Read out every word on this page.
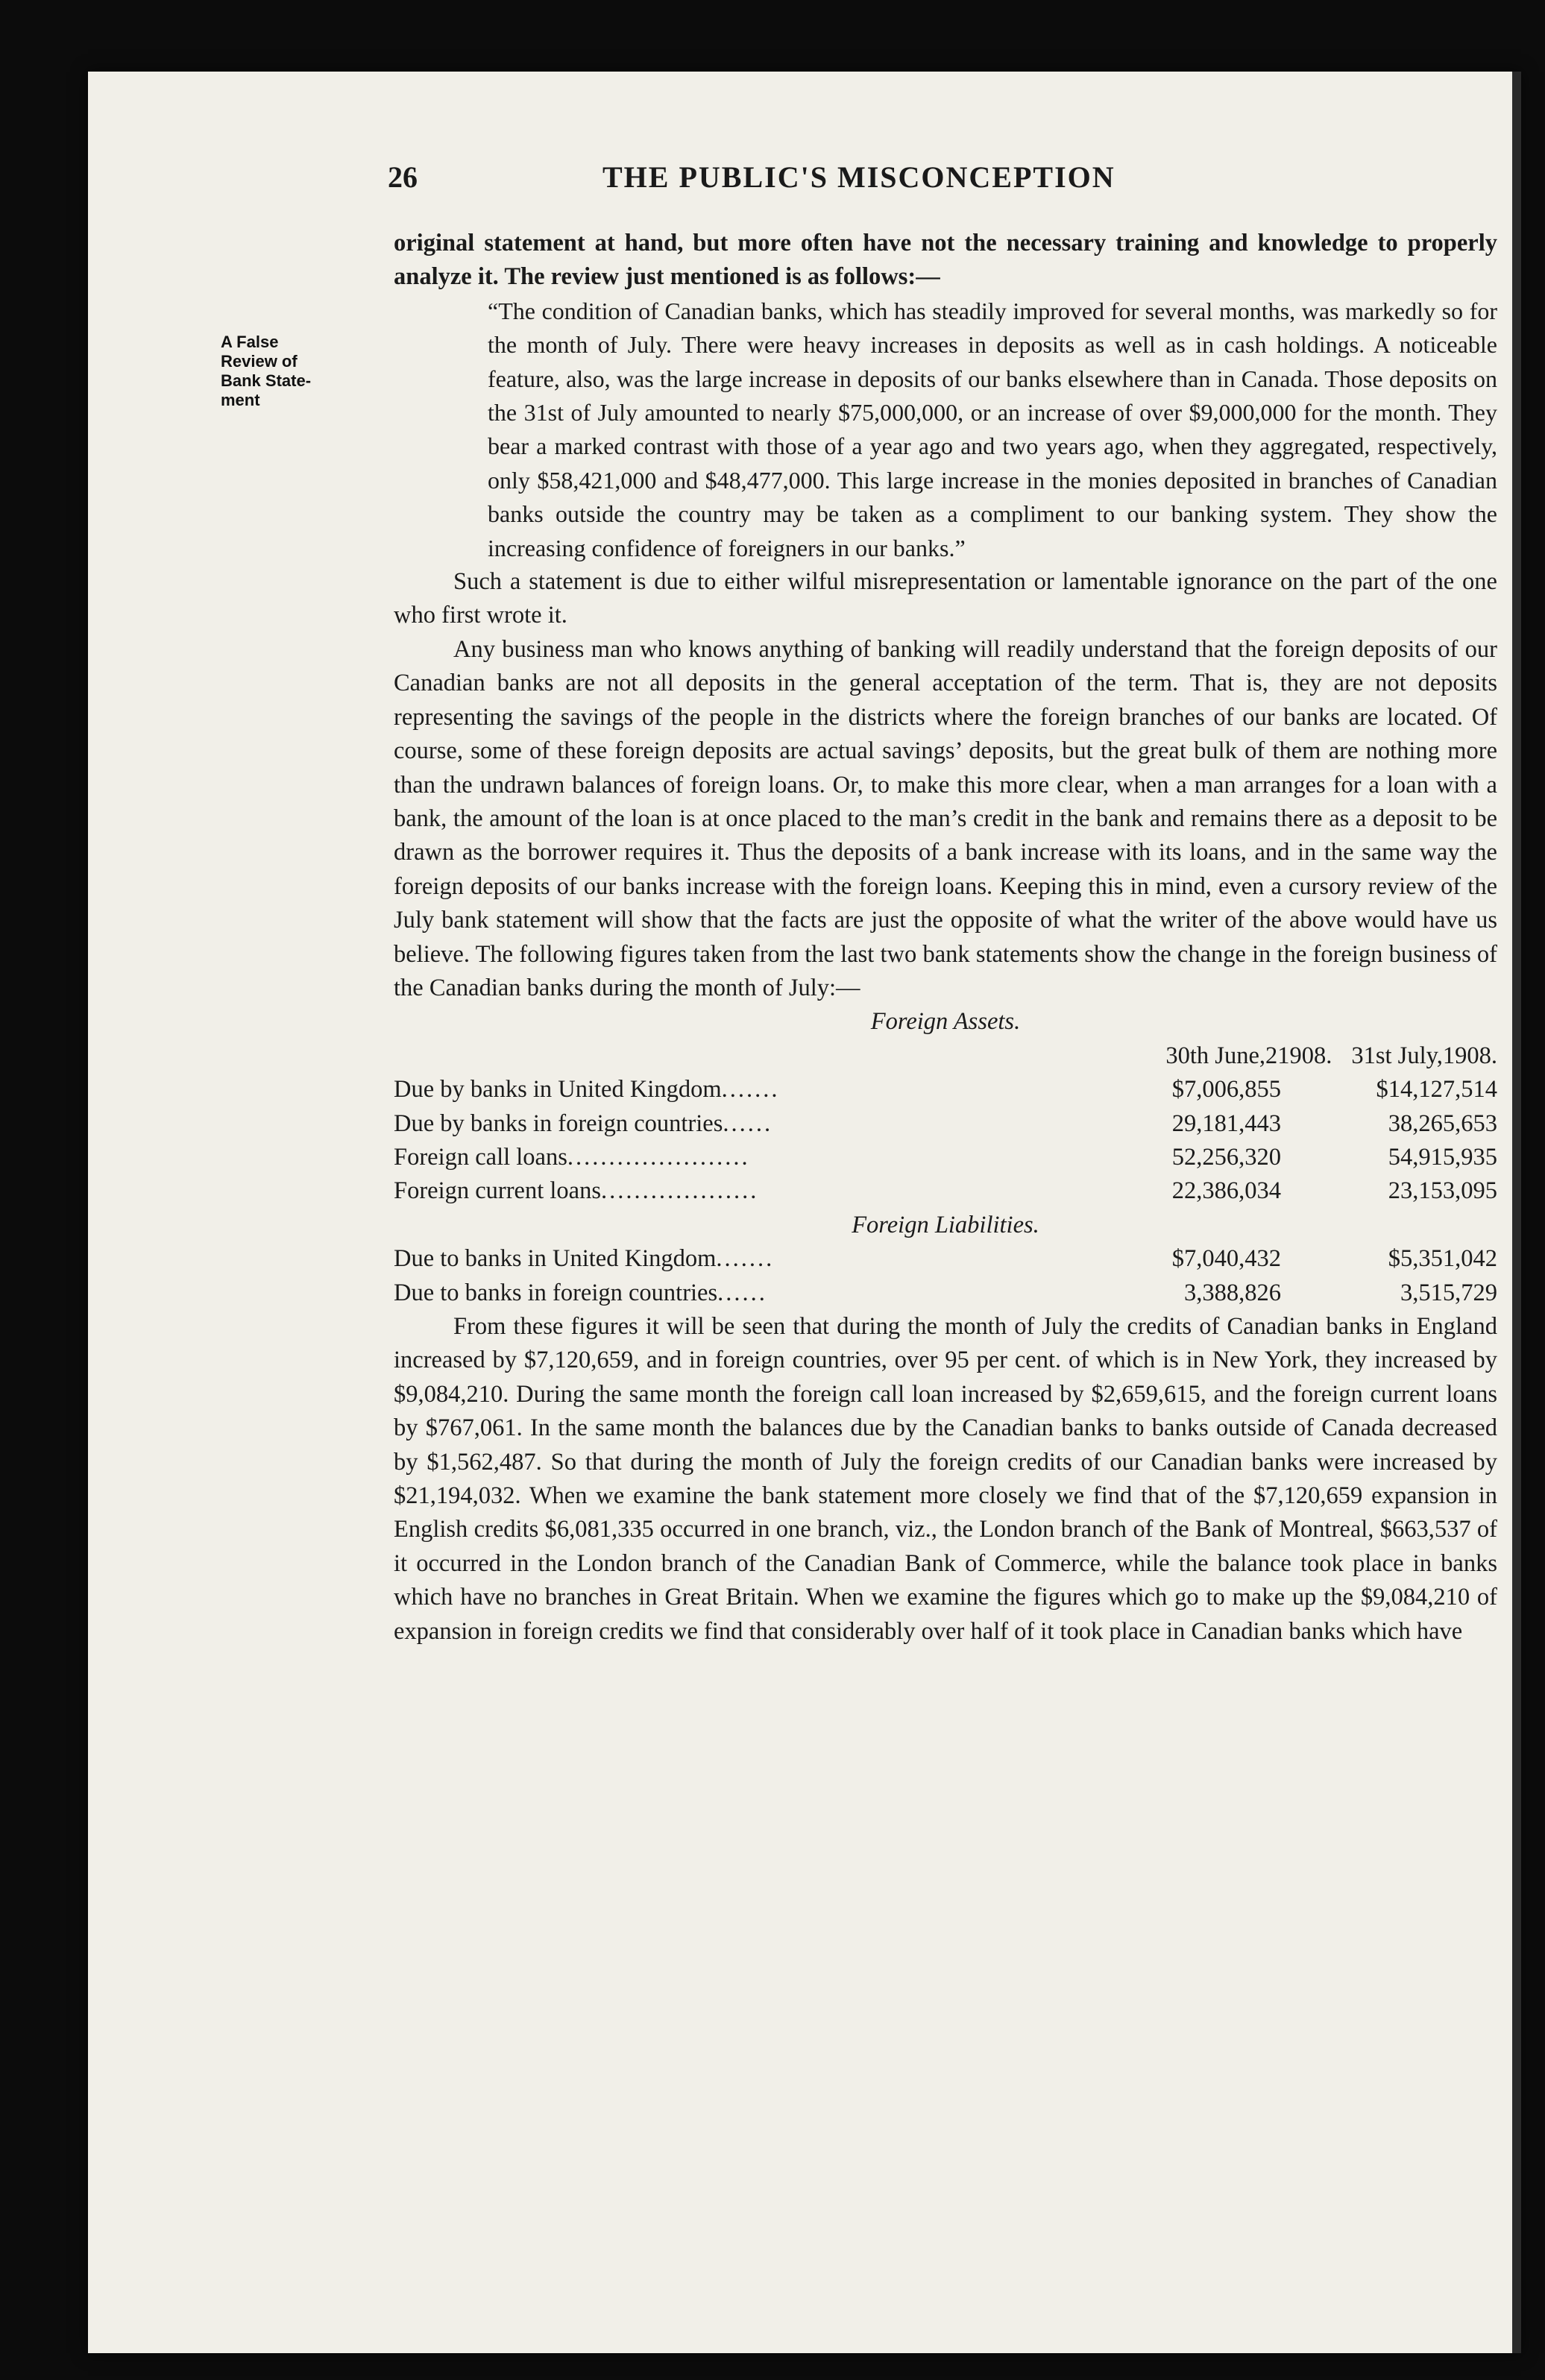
26	THE PUBLIC'S MISCONCEPTION
A False
Review of
Bank State-
ment

original statement at hand, but more often have not the necessary training and knowledge to properly analyze it. The review just mentioned is as follows:—

“The condition of Canadian banks, which has steadily improved for several months, was markedly so for the month of July. There were heavy increases in deposits as well as in cash holdings. A noticeable feature, also, was the large increase in deposits of our banks elsewhere than in Canada. Those deposits on the 31st of July amounted to nearly $75,000,000, or an increase of over $9,000,000 for the month. They bear a marked contrast with those of a year ago and two years ago, when they aggregated, respectively, only $58,421,000 and $48,477,000. This large increase in the monies deposited in branches of Canadian banks outside the country may be taken as a compliment to our banking system. They show the increasing confidence of foreigners in our banks.”

Such a statement is due to either wilful misrepresentation or lamentable ignorance on the part of the one who first wrote it.

Any business man who knows anything of banking will readily understand that the foreign deposits of our Canadian banks are not all deposits in the general acceptation of the term. That is, they are not deposits representing the savings of the people in the districts where the foreign branches of our banks are located. Of course, some of these foreign deposits are actual savings’ deposits, but the great bulk of them are nothing more than the undrawn balances of foreign loans. Or, to make this more clear, when a man arranges for a loan with a bank, the amount of the loan is at once placed to the man’s credit in the bank and remains there as a deposit to be drawn as the borrower requires it. Thus the deposits of a bank increase with its loans, and in the same way the foreign deposits of our banks increase with the foreign loans. Keeping this in mind, even a cursory review of the July bank statement will show that the facts are just the opposite of what the writer of the above would have us believe. The following figures taken from the last two bank statements show the change in the foreign business of the Canadian banks during the month of July:—

Foreign Assets.

30th June,21908. 31st July,1908.
Due by banks in United Kingdom .......	$7,006,855	$14,127,514
Due by banks in foreign countries ......	29,181,443	38,265,653
Foreign call loans ......................	52,256,320	54,915,935
Foreign current loans ...................	22,386,034	23,153,095

Foreign Liabilities.

Due to banks in United Kingdom .......	$7,040,432	$5,351,042
Due to banks in foreign countries ......	3,388,826	3,515,729

From these figures it will be seen that during the month of July the credits of Canadian banks in England increased by $7,120,659, and in foreign countries, over 95 per cent. of which is in New York, they increased by $9,084,210. During the same month the foreign call loan increased by $2,659,615, and the foreign current loans by $767,061. In the same month the balances due by the Canadian banks to banks outside of Canada decreased by $1,562,487. So that during the month of July the foreign credits of our Canadian banks were increased by $21,194,032. When we examine the bank statement more closely we find that of the $7,120,659 expansion in English credits $6,081,335 occurred in one branch, viz., the London branch of the Bank of Montreal, $663,537 of it occurred in the London branch of the Canadian Bank of Commerce, while the balance took place in banks which have no branches in Great Britain. When we examine the figures which go to make up the $9,084,210 of expansion in foreign credits we find that considerably over half of it took place in Canadian banks which have
